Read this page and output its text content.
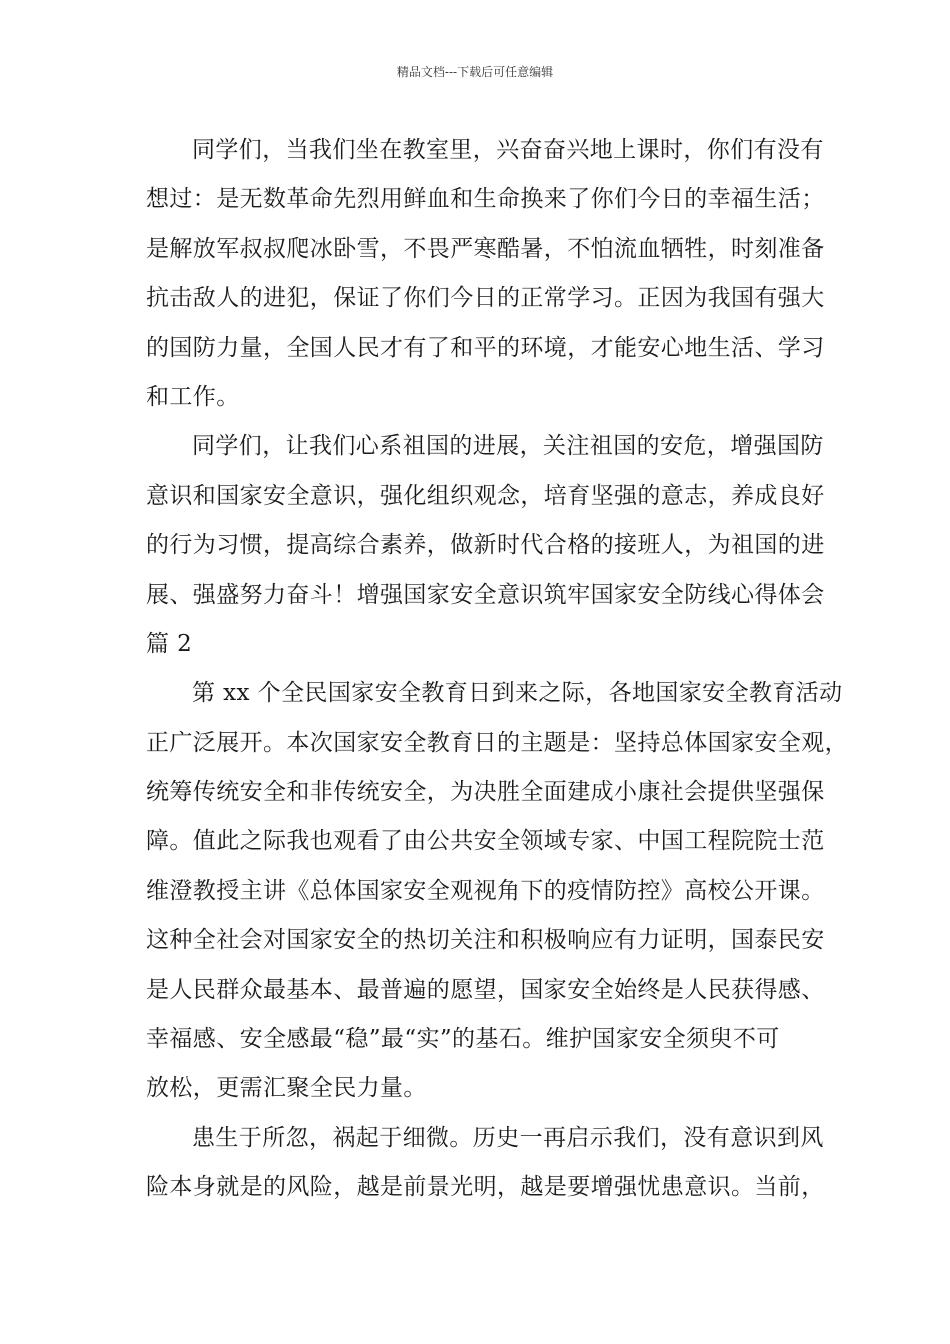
精品文档---下载后可任意编辑
同学们，当我们坐在教室里，兴奋奋兴地上课时，你们有没有
想过：是无数革命先烈用鲜血和生命换来了你们今日的幸福生活；
是解放军叔叔爬冰卧雪，不畏严寒酷暑，不怕流血牺牲，时刻准备
抗击敌人的进犯，保证了你们今日的正常学习。正因为我国有强大
的国防力量，全国人民才有了和平的环境，才能安心地生活、学习
和工作。
同学们，让我们心系祖国的进展，关注祖国的安危，增强国防
意识和国家安全意识，强化组织观念，培育坚强的意志，养成良好
的行为习惯，提高综合素养，做新时代合格的接班人，为祖国的进
展、强盛努力奋斗！增强国家安全意识筑牢国家安全防线心得体会
篇 2
第 xx 个全民国家安全教育日到来之际，各地国家安全教育活动
正广泛展开。本次国家安全教育日的主题是：坚持总体国家安全观，
统筹传统安全和非传统安全，为决胜全面建成小康社会提供坚强保
障。值此之际我也观看了由公共安全领域专家、中国工程院院士范
维澄教授主讲《总体国家安全观视角下的疫情防控》高校公开课。
这种全社会对国家安全的热切关注和积极响应有力证明，国泰民安
是人民群众最基本、最普遍的愿望，国家安全始终是人民获得感、
幸福感、安全感最“稳”最“实”的基石。维护国家安全须臾不可
放松，更需汇聚全民力量。
患生于所忽，祸起于细微。历史一再启示我们，没有意识到风
险本身就是的风险，越是前景光明，越是要增强忧患意识。当前，
